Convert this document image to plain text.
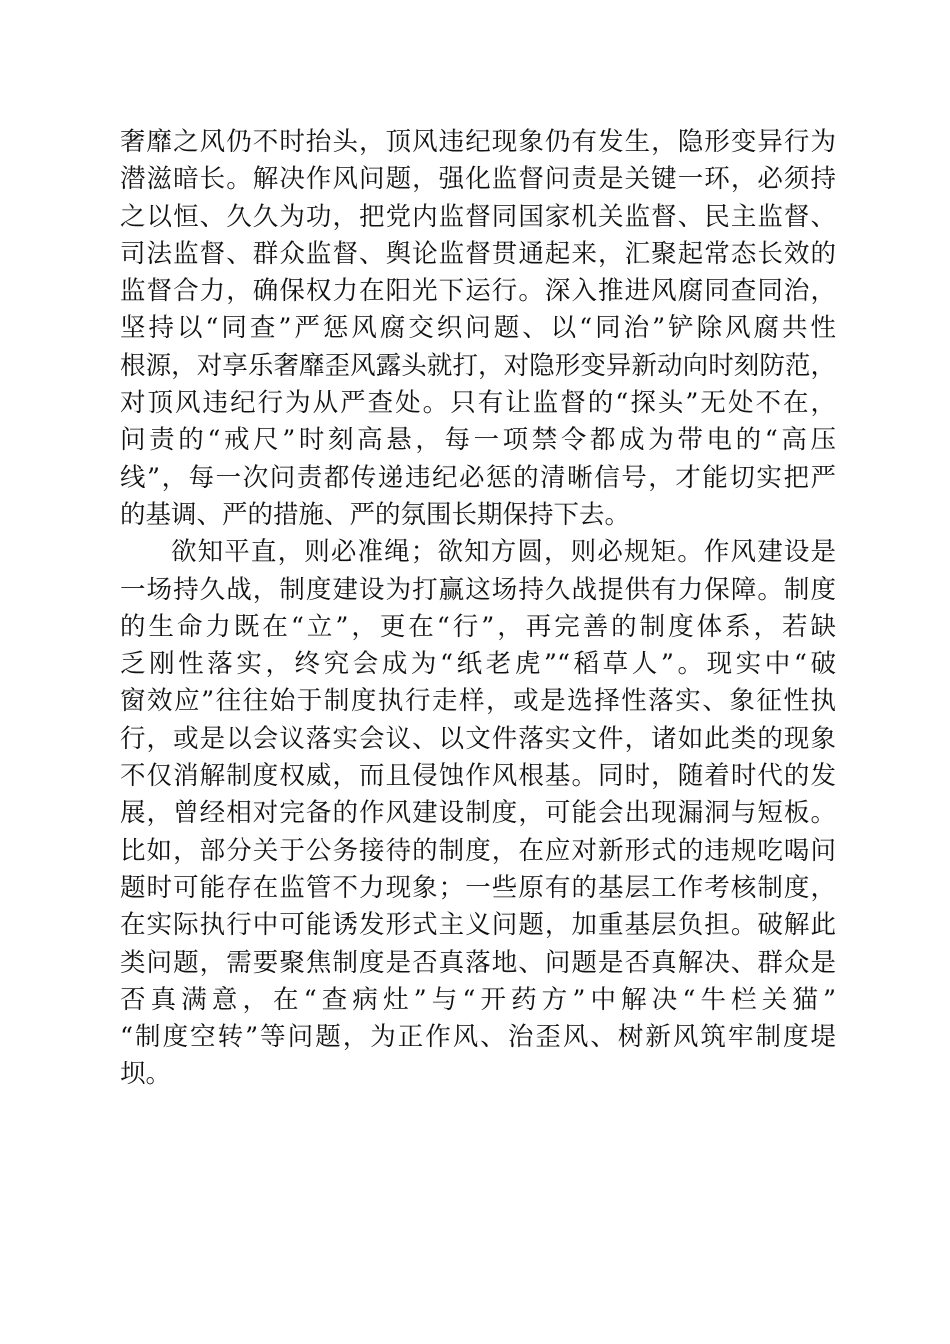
奢靡之风仍不时抬头，顶风违纪现象仍有发生，隐形变异行为
潜滋暗长。解决作风问题，强化监督问责是关键一环，必须持
之以恒、久久为功，把党内监督同国家机关监督、民主监督、
司法监督、群众监督、舆论监督贯通起来，汇聚起常态长效的
监督合力，确保权力在阳光下运行。深入推进风腐同查同治，
坚持以“同查”严惩风腐交织问题、以“同治”铲除风腐共性
根源，对享乐奢靡歪风露头就打，对隐形变异新动向时刻防范，
对顶风违纪行为从严查处。只有让监督的“探头”无处不在，
问责的“戒尺”时刻高悬，每一项禁令都成为带电的“高压
线”，每一次问责都传递违纪必惩的清晰信号，才能切实把严
的基调、严的措施、严的氛围长期保持下去。
欲知平直，则必准绳；欲知方圆，则必规矩。作风建设是
一场持久战，制度建设为打赢这场持久战提供有力保障。制度
的生命力既在“立”，更在“行”，再完善的制度体系，若缺
乏刚性落实，终究会成为“纸老虎”“稻草人”。现实中“破
窗效应”往往始于制度执行走样，或是选择性落实、象征性执
行，或是以会议落实会议、以文件落实文件，诸如此类的现象
不仅消解制度权威，而且侵蚀作风根基。同时，随着时代的发
展，曾经相对完备的作风建设制度，可能会出现漏洞与短板。
比如，部分关于公务接待的制度，在应对新形式的违规吃喝问
题时可能存在监管不力现象；一些原有的基层工作考核制度，
在实际执行中可能诱发形式主义问题，加重基层负担。破解此
类问题，需要聚焦制度是否真落地、问题是否真解决、群众是
否真满意，在“查病灶”与“开药方”中解决“牛栏关猫”
“制度空转”等问题，为正作风、治歪风、树新风筑牢制度堤
坝。
